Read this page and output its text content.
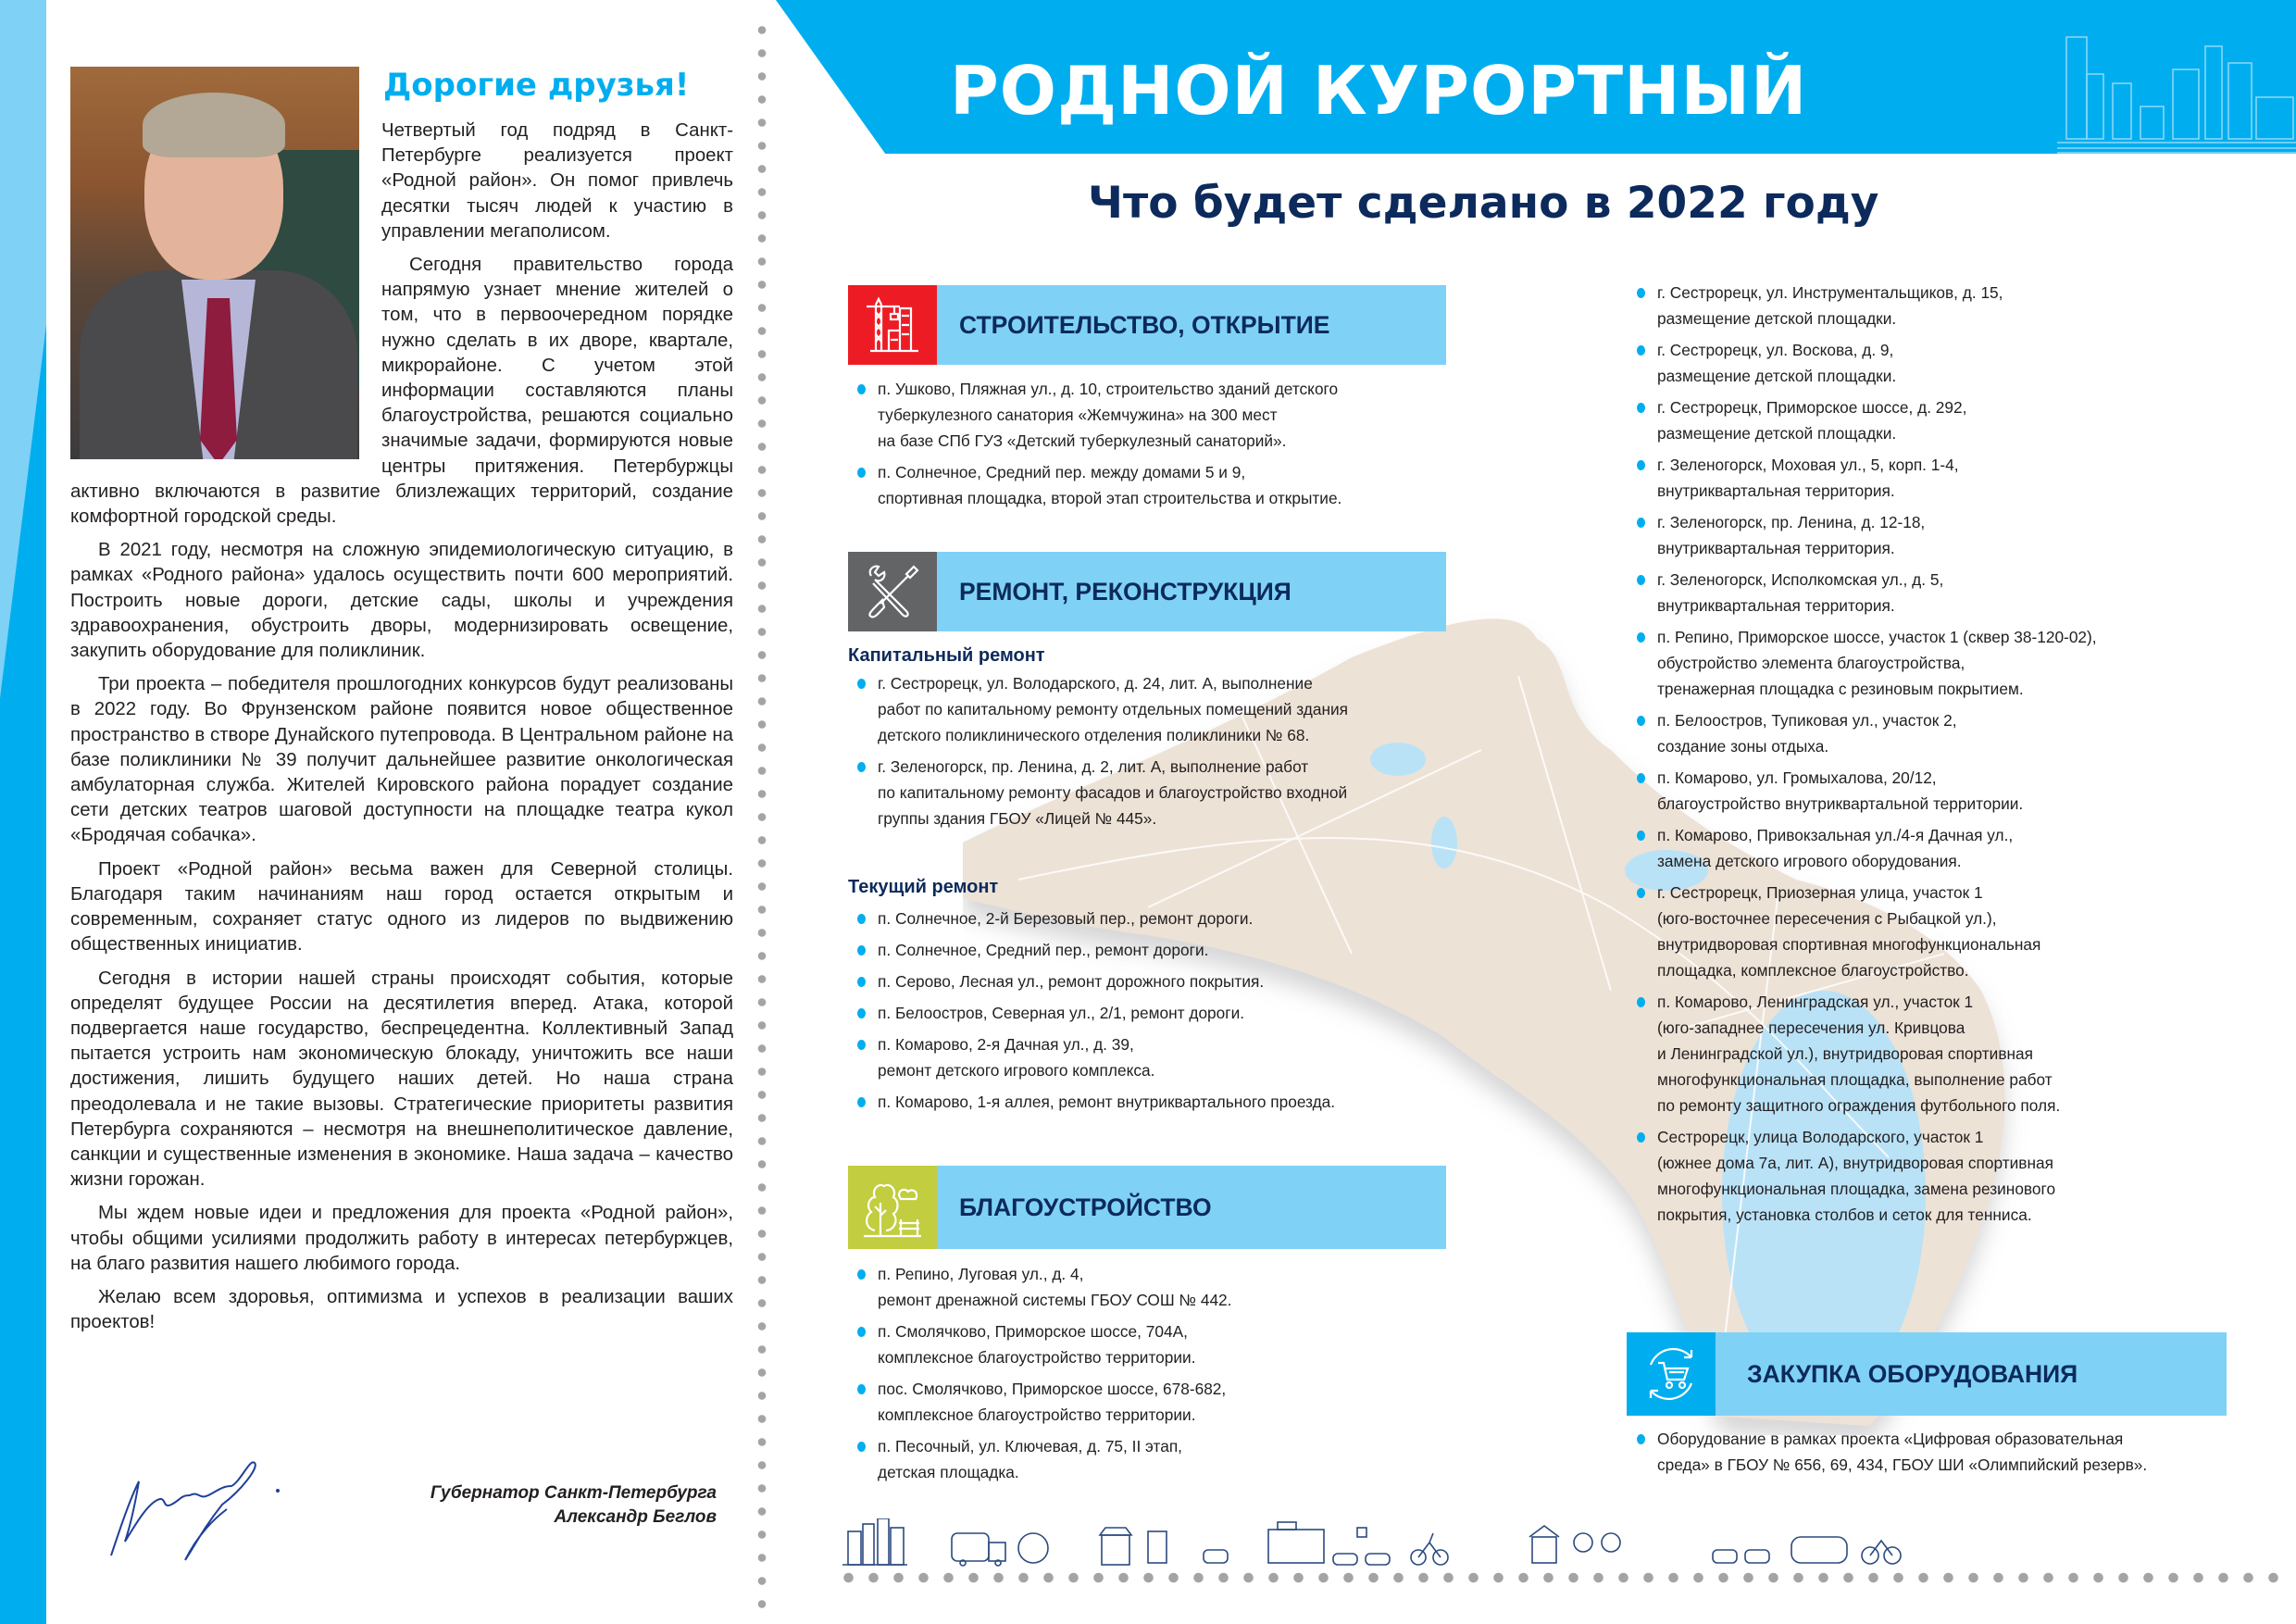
Дорогие друзья!

Четвертый год подряд в Санкт-Петербурге реализуется проект «Родной район». Он помог привлечь десятки тысяч людей к участию в управлении мегаполисом.

Сегодня правительство города напрямую узнает мнение жителей о том, что в первоочередном порядке нужно сделать в их дворе, квартале, микрорайоне. С учетом этой информации составляются планы благоустройства, решаются социально значимые задачи, формируются новые центры притяжения. Петербуржцы активно включаются в развитие близлежащих территорий, создание комфортной городской среды.

В 2021 году, несмотря на сложную эпидемиологическую ситуацию, в рамках «Родного района» удалось осуществить почти 600 мероприятий. Построить новые дороги, детские сады, школы и учреждения здравоохранения, обустроить дворы, модернизировать освещение, закупить оборудование для поликлиник.

Три проекта – победителя прошлогодних конкурсов будут реализованы в 2022 году. Во Фрунзенском районе появится новое общественное пространство в створе Дунайского путепровода. В Центральном районе на базе поликлиники № 39 получит дальнейшее развитие онкологическая амбулаторная служба. Жителей Кировского района порадует создание сети детских театров шаговой доступности на площадке театра кукол «Бродячая собачка».

Проект «Родной район» весьма важен для Северной столицы. Благодаря таким начинаниям наш город остается открытым и современным, сохраняет статус одного из лидеров по выдвижению общественных инициатив.

Сегодня в истории нашей страны происходят события, которые определят будущее России на десятилетия вперед. Атака, которой подвергается наше государство, беспрецедентна. Коллективный Запад пытается устроить нам экономическую блокаду, уничтожить все наши достижения, лишить будущего наших детей. Но наша страна преодолевала и не такие вызовы. Стратегические приоритеты развития Петербурга сохраняются – несмотря на внешнеполитическое давление, санкции и существенные изменения в экономике. Наша задача – качество жизни горожан.

Мы ждем новые идеи и предложения для проекта «Родной район», чтобы общими усилиями продолжить работу в интересах петербуржцев, на благо развития нашего любимого города.

Желаю всем здоровья, оптимизма и успехов в реализации ваших проектов!

Губернатор Санкт-Петербурга
Александр Беглов
РОДНОЙ КУРОРТНЫЙ
Что будет сделано в 2022 году
СТРОИТЕЛЬСТВО, ОТКРЫТИЕ
п. Ушково, Пляжная ул., д. 10, строительство зданий детского
туберкулезного санатория «Жемчужина» на 300 мест
на базе СПб ГУЗ «Детский туберкулезный санаторий».
п. Солнечное, Средний пер. между домами 5 и 9,
спортивная площадка, второй этап строительства и открытие.
РЕМОНТ, РЕКОНСТРУКЦИЯ
Капитальный ремонт
г. Сестрорецк, ул. Володарского, д. 24, лит. А, выполнение
работ по капитальному ремонту отдельных помещений здания
детского поликлинического отделения поликлиники № 68.
г. Зеленогорск, пр. Ленина, д. 2, лит. А, выполнение работ
по капитальному ремонту фасадов и благоустройство входной
группы здания ГБОУ «Лицей № 445».
Текущий ремонт
п. Солнечное, 2-й Березовый пер., ремонт дороги.
п. Солнечное, Средний пер., ремонт дороги.
п. Серово, Лесная ул., ремонт дорожного покрытия.
п. Белоостров, Северная ул., 2/1, ремонт дороги.
п. Комарово, 2-я Дачная ул., д. 39,
ремонт детского игрового комплекса.
п. Комарово, 1-я аллея, ремонт внутриквартального проезда.
БЛАГОУСТРОЙСТВО
п. Репино, Луговая ул., д. 4,
ремонт дренажной системы ГБОУ СОШ № 442.
п. Смолячково, Приморское шоссе, 704А,
комплексное благоустройство территории.
пос. Смолячково, Приморское шоссе, 678-682,
комплексное благоустройство территории.
п. Песочный, ул. Ключевая, д. 75, II этап,
детская площадка.
г. Сестрорецк, ул. Инструментальщиков, д. 15,
размещение детской площадки.
г. Сестрорецк, ул. Воскова, д. 9,
размещение детской площадки.
г. Сестрорецк, Приморское шоссе, д. 292,
размещение детской площадки.
г. Зеленогорск, Моховая ул., 5, корп. 1-4,
внутриквартальная территория.
г. Зеленогорск, пр. Ленина, д. 12-18,
внутриквартальная территория.
г. Зеленогорск, Исполкомская ул., д. 5,
внутриквартальная территория.
п. Репино, Приморское шоссе, участок 1 (сквер 38-120-02),
обустройство элемента благоустройства,
тренажерная площадка с резиновым покрытием.
п. Белоостров, Тупиковая ул., участок 2,
создание зоны отдыха.
п. Комарово, ул. Громыхалова, 20/12,
благоустройство внутриквартальной территории.
п. Комарово, Привокзальная ул./4-я Дачная ул.,
замена детского игрового оборудования.
г. Сестрорецк, Приозерная улица, участок 1
(юго-восточнее пересечения с Рыбацкой ул.),
внутридворовая спортивная многофункциональная
площадка, комплексное благоустройство.
п. Комарово, Ленинградская ул., участок 1
(юго-западнее пересечения ул. Кривцова
и Ленинградской ул.), внутридворовая спортивная
многофункциональная площадка, выполнение работ
по ремонту защитного ограждения футбольного поля.
Сестрорецк, улица Володарского, участок 1
(южнее дома 7а, лит. А), внутридворовая спортивная
многофункциональная площадка, замена резинового
покрытия, установка столбов и сеток для тенниса.
ЗАКУПКА ОБОРУДОВАНИЯ
Оборудование в рамках проекта «Цифровая образовательная
среда» в ГБОУ № 656, 69, 434, ГБОУ ШИ «Олимпийский резерв».
